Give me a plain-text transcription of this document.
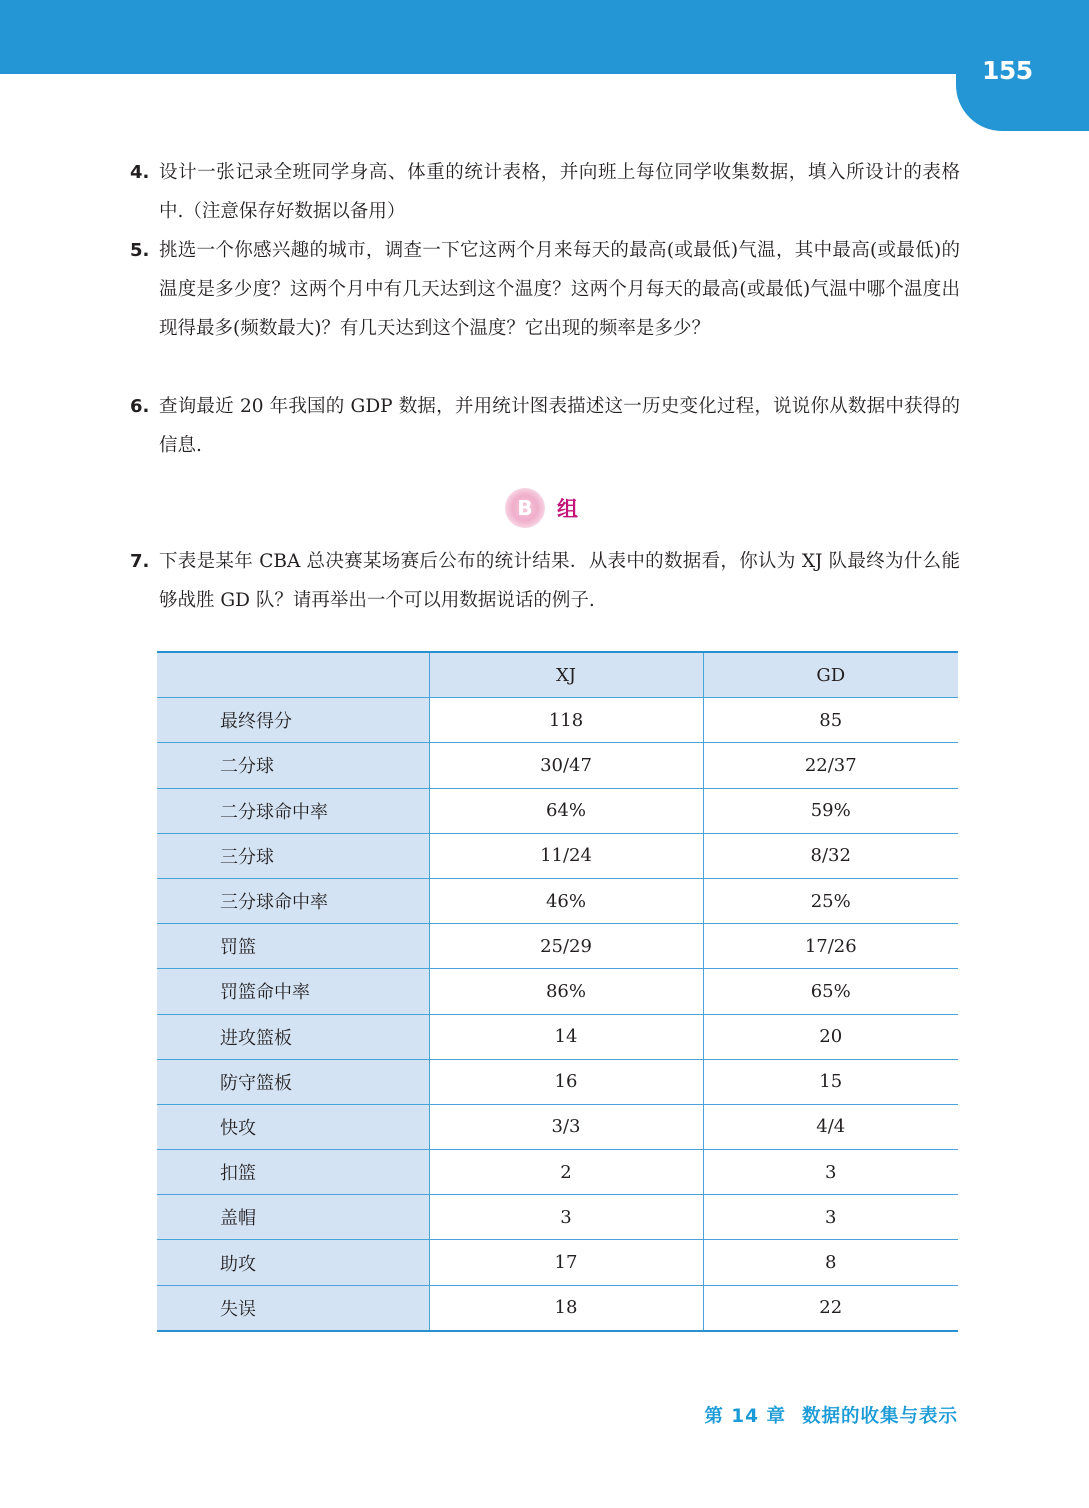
155
4. 设计一张记录全班同学身高、体重的统计表格，并向班上每位同学收集数据，填入所设计的表格中.（注意保存好数据以备用）
5. 挑选一个你感兴趣的城市，调查一下它这两个月来每天的最高(或最低)气温，其中最高(或最低)的温度是多少度？这两个月中有几天达到这个温度？这两个月每天的最高(或最低)气温中哪个温度出现得最多(频数最大)？有几天达到这个温度？它出现的频率是多少？
6. 查询最近 20 年我国的 GDP 数据，并用统计图表描述这一历史变化过程，说说你从数据中获得的信息.
B	组
7. 下表是某年 CBA 总决赛某场赛后公布的统计结果．从表中的数据看，你认为 XJ 队最终为什么能够战胜 GD 队？请再举出一个可以用数据说话的例子.
	XJ	GD
最终得分	118	85
二分球	30/47	22/37
二分球命中率	64%	59%
三分球	11/24	8/32
三分球命中率	46%	25%
罚篮	25/29	17/26
罚篮命中率	86%	65%
进攻篮板	14	20
防守篮板	16	15
快攻	3/3	4/4
扣篮	2	3
盖帽	3	3
助攻	17	8
失误	18	22
第 14 章 数据的收集与表示
